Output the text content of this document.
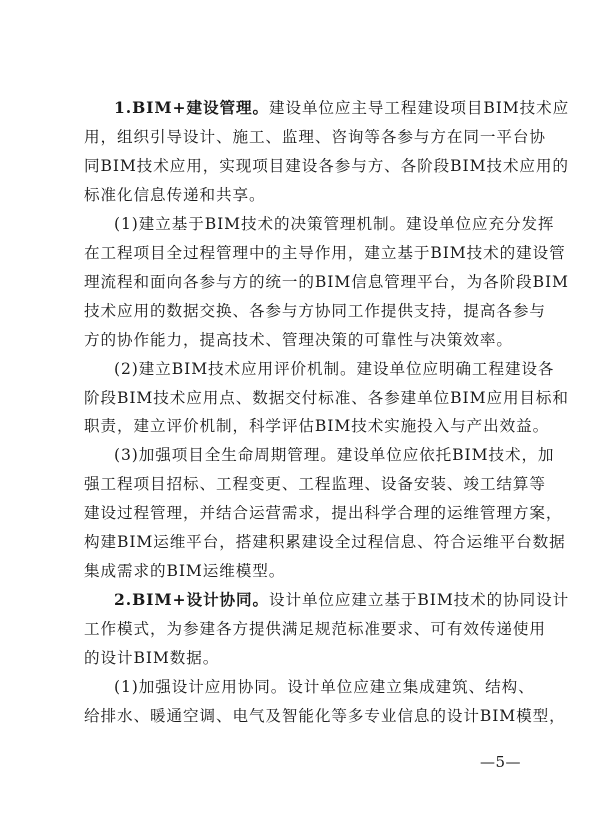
1.BIM+建设管理。建设单位应主导工程建设项目BIM技术应
用，组织引导设计、施工、监理、咨询等各参与方在同一平台协
同BIM技术应用，实现项目建设各参与方、各阶段BIM技术应用的
标准化信息传递和共享。
(1)建立基于BIM技术的决策管理机制。建设单位应充分发挥
在工程项目全过程管理中的主导作用，建立基于BIM技术的建设管
理流程和面向各参与方的统一的BIM信息管理平台，为各阶段BIM
技术应用的数据交换、各参与方协同工作提供支持，提高各参与
方的协作能力，提高技术、管理决策的可靠性与决策效率。
(2)建立BIM技术应用评价机制。建设单位应明确工程建设各
阶段BIM技术应用点、数据交付标准、各参建单位BIM应用目标和
职责，建立评价机制，科学评估BIM技术实施投入与产出效益。
(3)加强项目全生命周期管理。建设单位应依托BIM技术，加
强工程项目招标、工程变更、工程监理、设备安装、竣工结算等
建设过程管理，并结合运营需求，提出科学合理的运维管理方案，
构建BIM运维平台，搭建积累建设全过程信息、符合运维平台数据
集成需求的BIM运维模型。
2.BIM+设计协同。设计单位应建立基于BIM技术的协同设计
工作模式，为参建各方提供满足规范标准要求、可有效传递使用
的设计BIM数据。
(1)加强设计应用协同。设计单位应建立集成建筑、结构、
给排水、暖通空调、电气及智能化等多专业信息的设计BIM模型，
—5—
